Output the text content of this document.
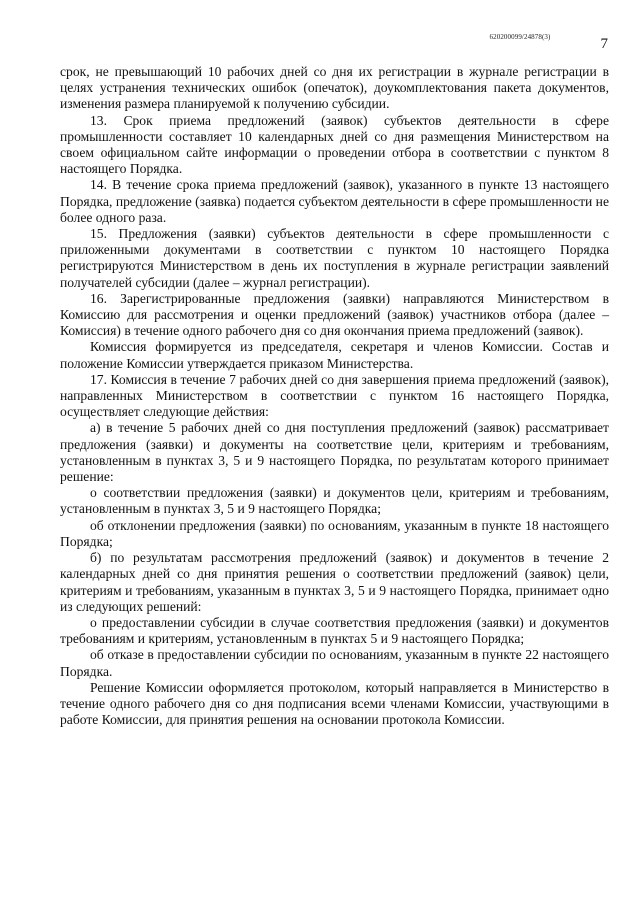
620200099/24878(3)	7

срок, не превышающий 10 рабочих дней со дня их регистрации в журнале регистрации в целях устранения технических ошибок (опечаток), доукомплектования пакета документов, изменения размера планируемой к получению субсидии.

13. Срок приема предложений (заявок) субъектов деятельности в сфере промышленности составляет 10 календарных дней со дня размещения Министерством на своем официальном сайте информации о проведении отбора в соответствии с пунктом 8 настоящего Порядка.

14. В течение срока приема предложений (заявок), указанного в пункте 13 настоящего Порядка, предложение (заявка) подается субъектом деятельности в сфере промышленности не более одного раза.

15. Предложения (заявки) субъектов деятельности в сфере промышленности с приложенными документами в соответствии с пунктом 10 настоящего Порядка регистрируются Министерством в день их поступления в журнале регистрации заявлений получателей субсидии (далее – журнал регистрации).

16. Зарегистрированные предложения (заявки) направляются Министерством в Комиссию для рассмотрения и оценки предложений (заявок) участников отбора (далее – Комиссия) в течение одного рабочего дня со дня окончания приема предложений (заявок).

Комиссия формируется из председателя, секретаря и членов Комиссии. Состав и положение Комиссии утверждается приказом Министерства.

17. Комиссия в течение 7 рабочих дней со дня завершения приема предложений (заявок), направленных Министерством в соответствии с пунктом 16 настоящего Порядка, осуществляет следующие действия:

а) в течение 5 рабочих дней со дня поступления предложений (заявок) рассматривает предложения (заявки) и документы на соответствие цели, критериям и требованиям, установленным в пунктах 3, 5 и 9 настоящего Порядка, по результатам которого принимает решение:

о соответствии предложения (заявки) и документов цели, критериям и требованиям, установленным в пунктах 3, 5 и 9 настоящего Порядка;

об отклонении предложения (заявки) по основаниям, указанным в пункте 18 настоящего Порядка;

б) по результатам рассмотрения предложений (заявок) и документов в течение 2 календарных дней со дня принятия решения о соответствии предложений (заявок) цели, критериям и требованиям, указанным в пунктах 3, 5 и 9 настоящего Порядка, принимает одно из следующих решений:

о предоставлении субсидии в случае соответствия предложения (заявки) и документов требованиям и критериям, установленным в пунктах 5 и 9 настоящего Порядка;

об отказе в предоставлении субсидии по основаниям, указанным в пункте 22 настоящего Порядка.

Решение Комиссии оформляется протоколом, который направляется в Министерство в течение одного рабочего дня со дня подписания всеми членами Комиссии, участвующими в работе Комиссии, для принятия решения на основании протокола Комиссии.
